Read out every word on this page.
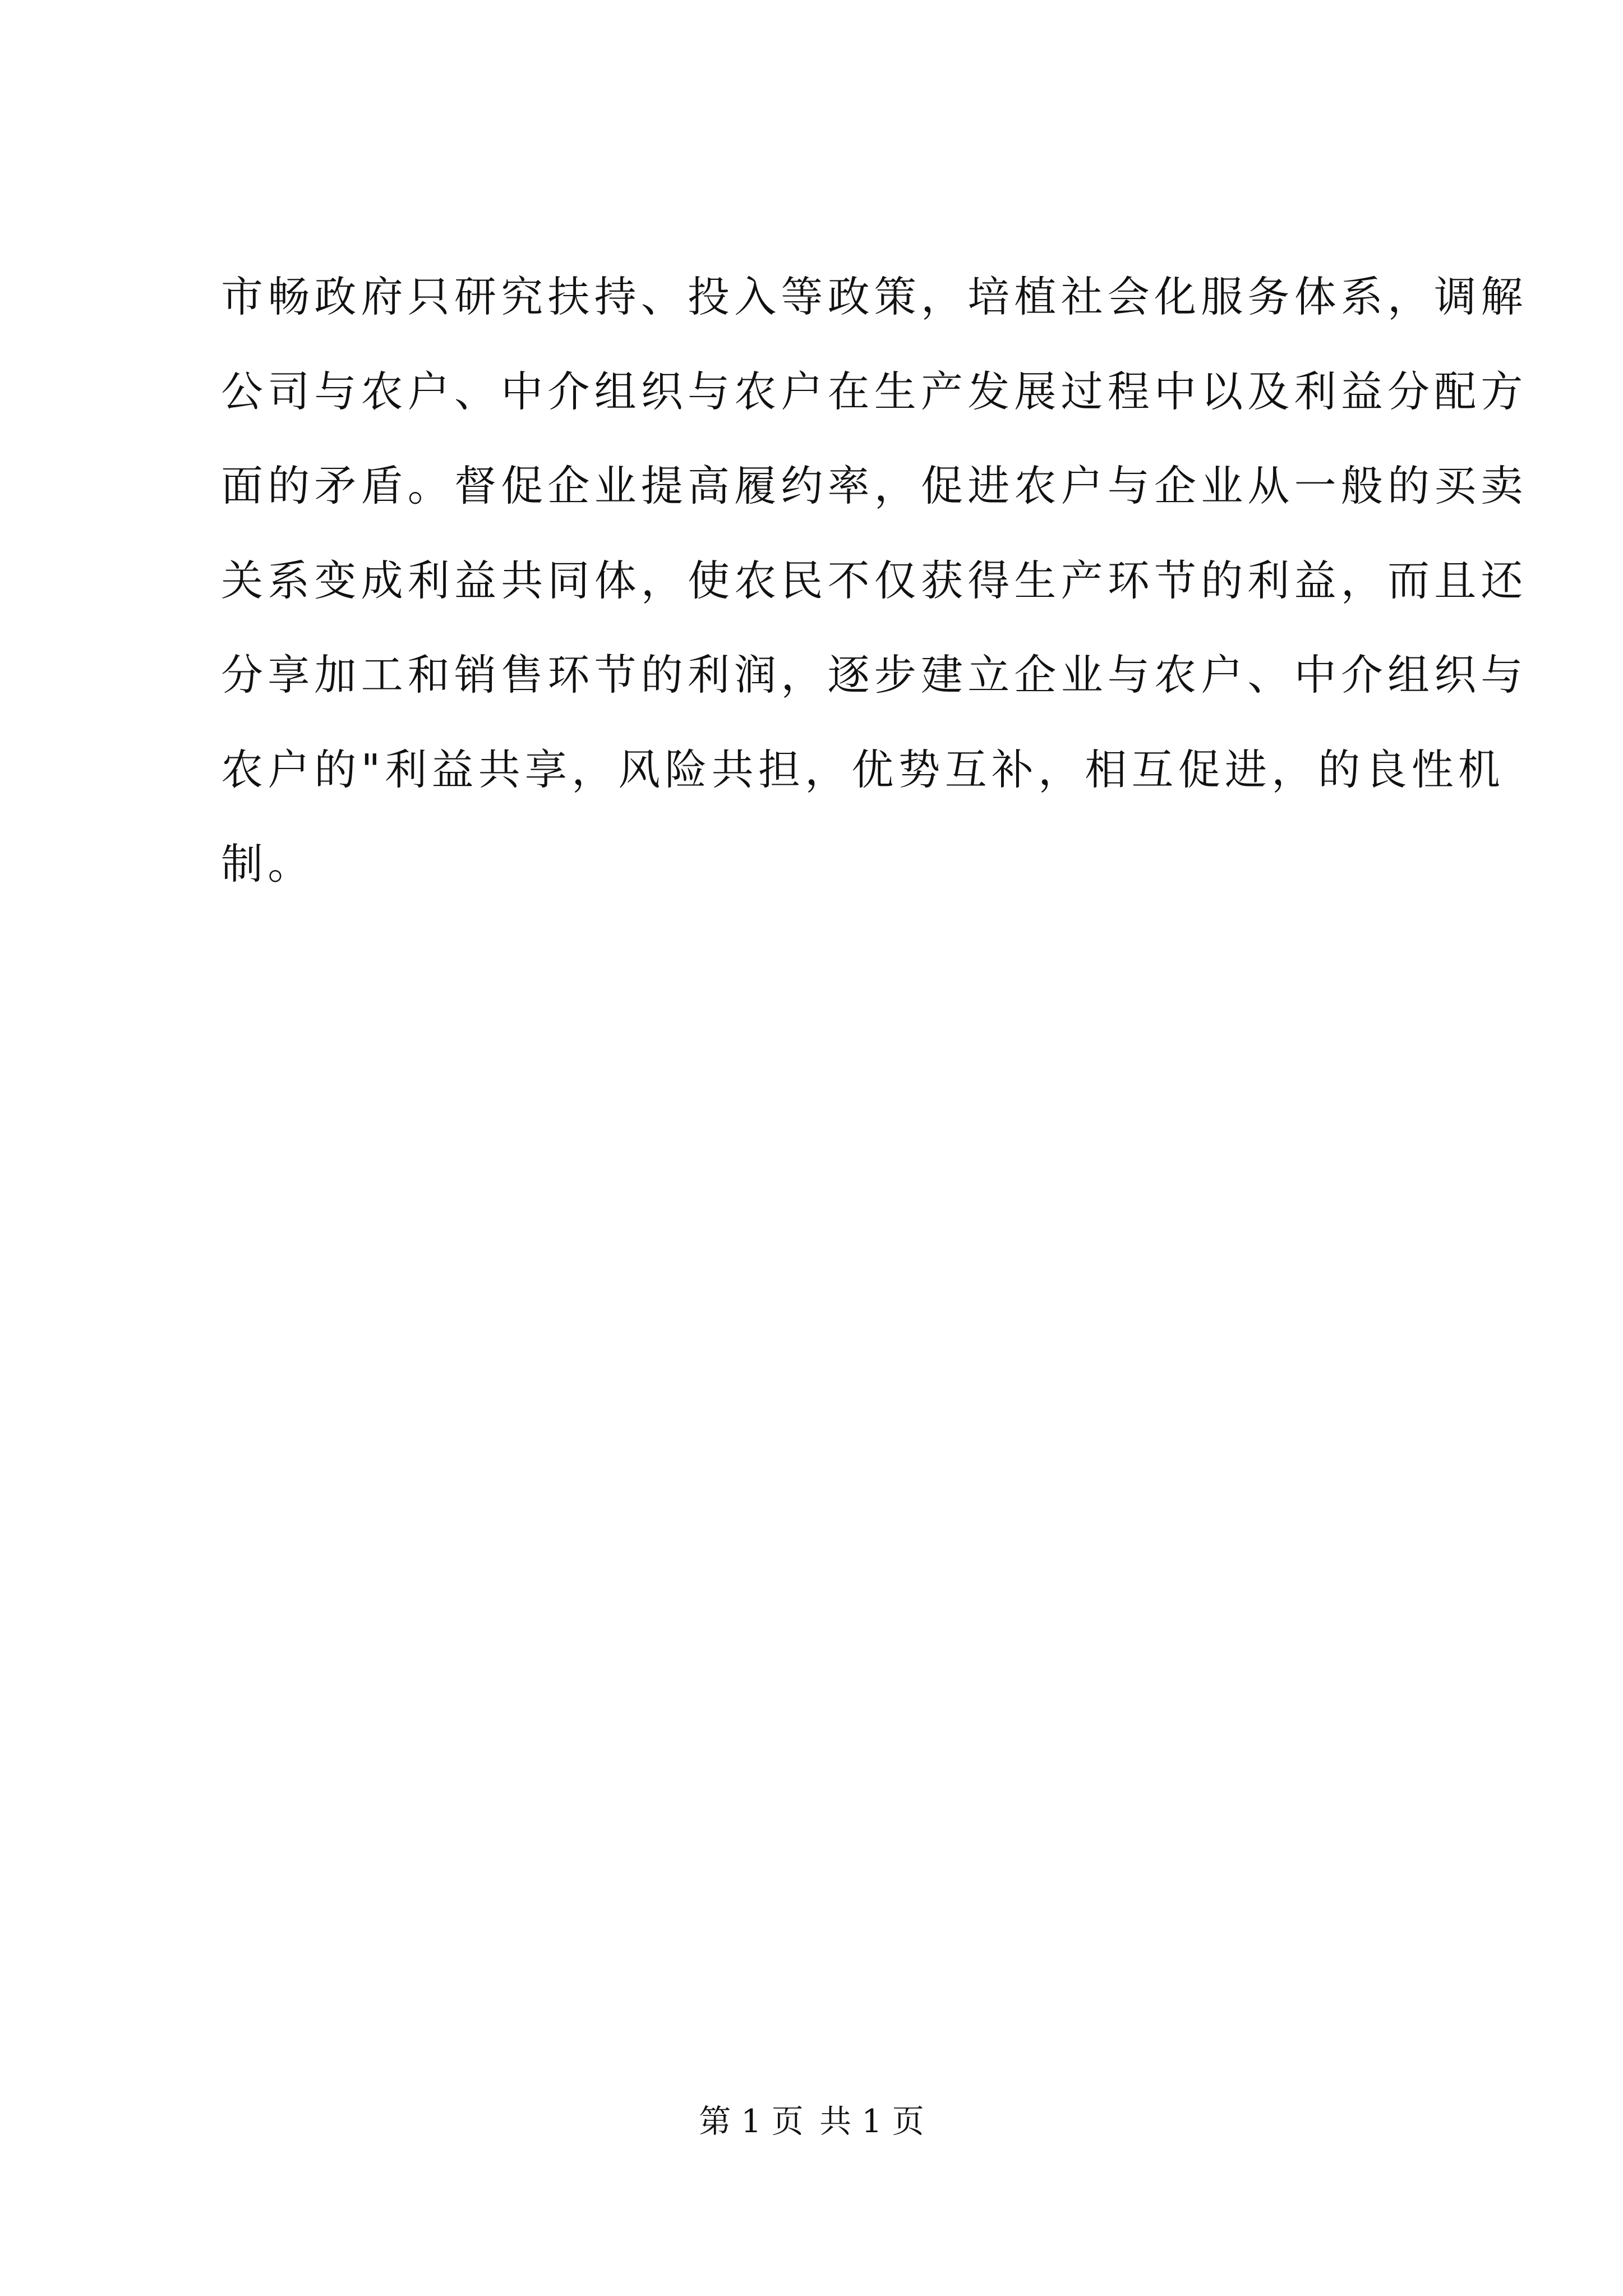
市畅政府只研究扶持、投入等政策，培植社会化服务体系，调解
公司与农户、中介组织与农户在生产发展过程中以及利益分配方
面的矛盾。督促企业提高履约率，促进农户与企业从一般的买卖
关系变成利益共同体，使农民不仅获得生产环节的利益，而且还
分享加工和销售环节的利润，逐步建立企业与农户、中介组织与
农户的"利益共享，风险共担，优势互补，相互促进，的良性机
制。
第 1 页 共 1 页
